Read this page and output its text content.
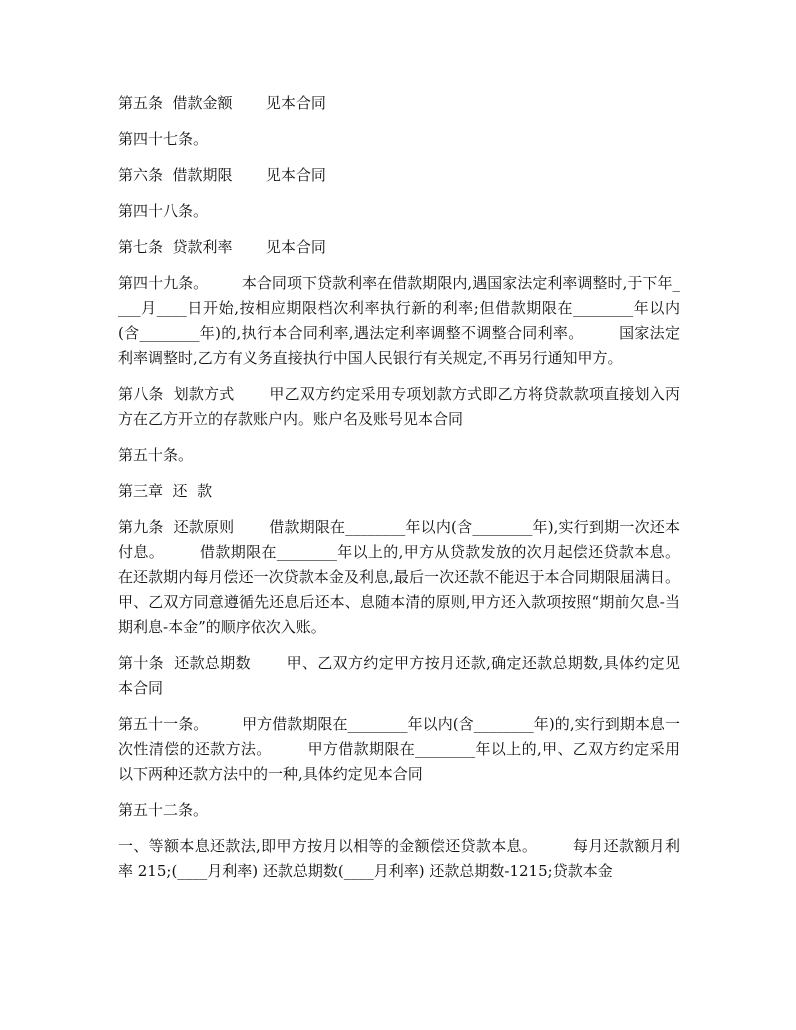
第五条  借款金额       见本合同

第四十七条。

第六条  借款期限       见本合同

第四十八条。

第七条  贷款利率       见本合同

第四十九条。       本合同项下贷款利率在借款期限内,遇国家法定利率调整时,于下年____月____日开始,按相应期限档次利率执行新的利率;但借款期限在________年以内(含________年)的,执行本合同利率,遇法定利率调整不调整合同利率。       国家法定利率调整时,乙方有义务直接执行中国人民银行有关规定,不再另行通知甲方。

第八条  划款方式       甲乙双方约定采用专项划款方式即乙方将贷款款项直接划入丙方在乙方开立的存款账户内。账户名及账号见本合同

第五十条。

第三章  还  款

第九条  还款原则       借款期限在________年以内(含________年),实行到期一次还本付息。       借款期限在________年以上的,甲方从贷款发放的次月起偿还贷款本息。在还款期内每月偿还一次贷款本金及利息,最后一次还款不能迟于本合同期限届满日。       甲、乙双方同意遵循先还息后还本、息随本清的原则,甲方还入款项按照“期前欠息-当期利息-本金”的顺序依次入账。

第十条  还款总期数       甲、乙双方约定甲方按月还款,确定还款总期数,具体约定见本合同

第五十一条。       甲方借款期限在________年以内(含________年)的,实行到期本息一次性清偿的还款方法。       甲方借款期限在________年以上的,甲、乙双方约定采用以下两种还款方法中的一种,具体约定见本合同

第五十二条。

一、等额本息还款法,即甲方按月以相等的金额偿还贷款本息。       每月还款额月利率 215;(____月利率) 还款总期数(____月利率) 还款总期数-1215;贷款本金
